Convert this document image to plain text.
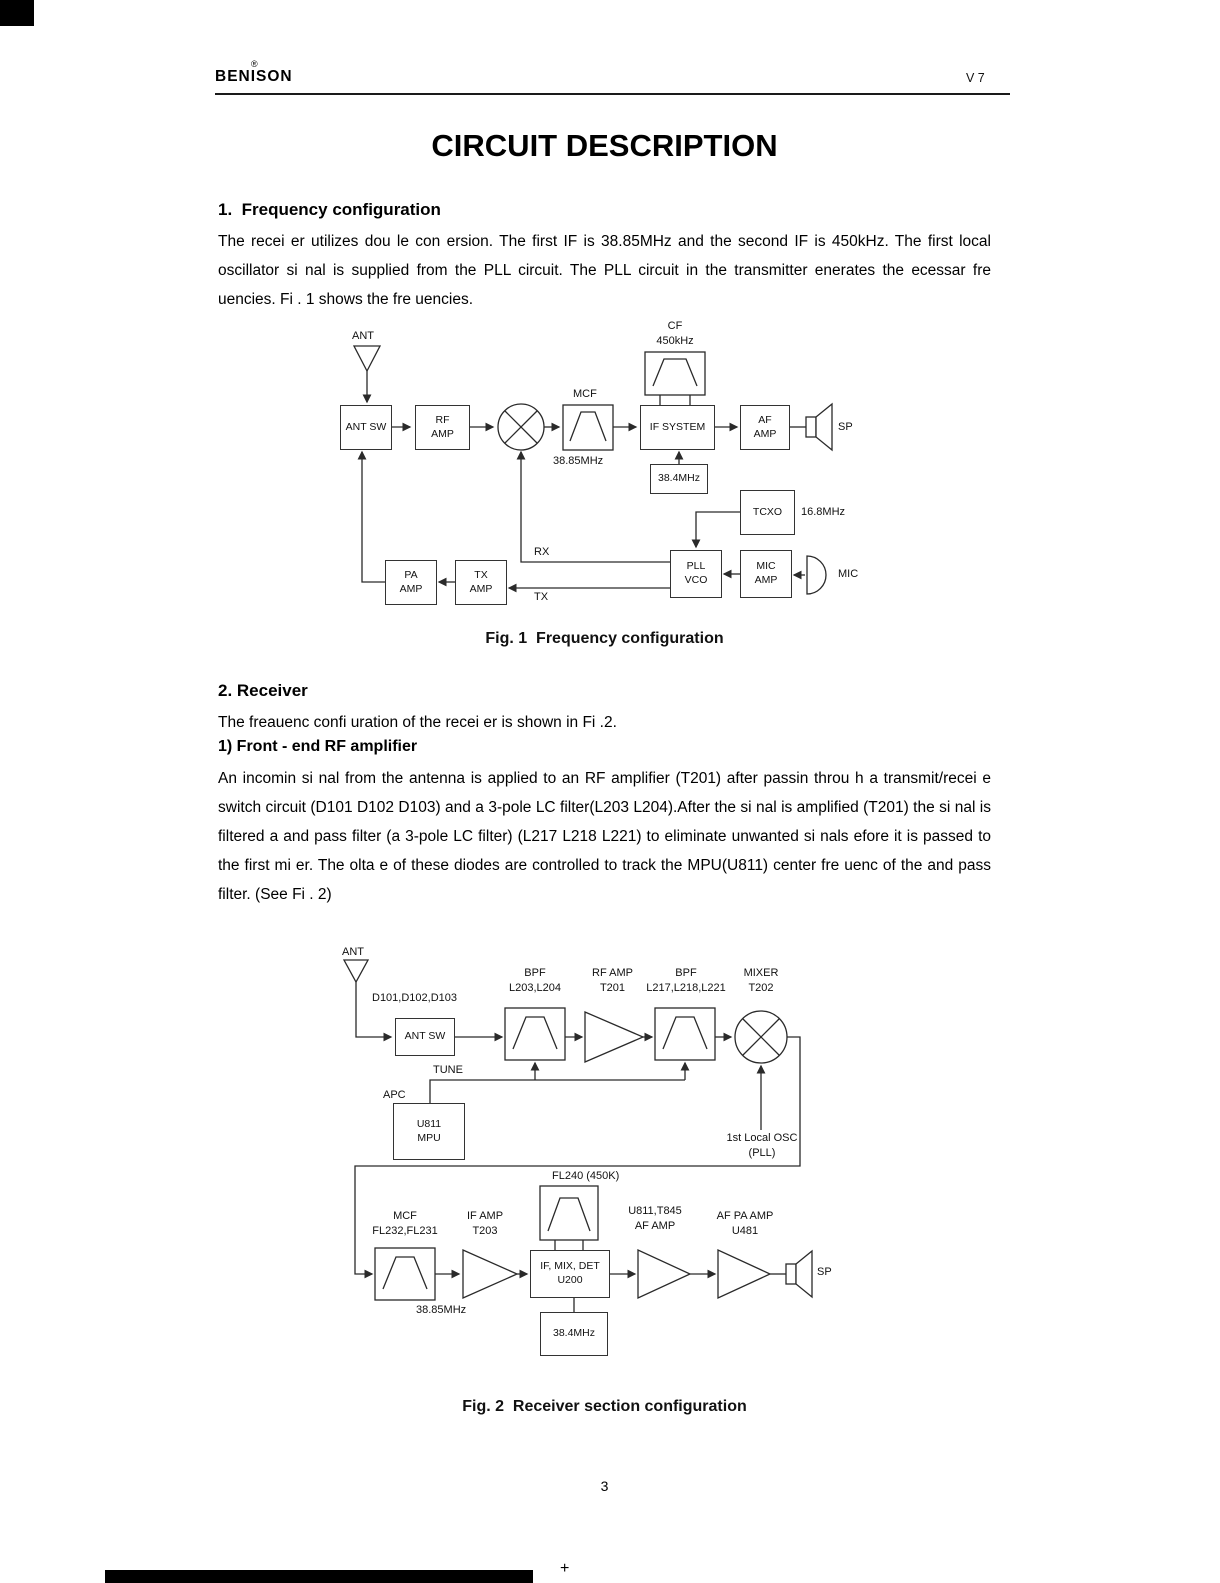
+
BENISON
®
V 7
CIRCUIT DESCRIPTION
1.  Frequency configuration
The recei er utilizes dou le con ersion. The first IF is 38.85MHz and the second IF is 450kHz. The first local oscillator si nal is supplied from the PLL circuit. The PLL circuit in the transmitter enerates the ecessar fre uencies. Fi . 1 shows the fre uencies.
ANT
ANT SW
RF
AMP
MCF
38.85MHz
CF
450kHz
IF SYSTEM
AF
AMP
SP
38.4MHz
TCXO 16.8MHz
PLL
VCO
MIC
AMP	MIC
PA
AMP
TX
AMP
RX
TX
Fig. 1  Frequency configuration
2. Receiver
The freauenc confi uration of the recei er is shown in Fi .2.
1) Front - end RF amplifier
An incomin si nal from the antenna is applied to an RF amplifier (T201) after passin throu h a transmit/recei e switch circuit (D101 D102 D103) and a 3-pole LC filter(L203 L204).After the si nal is amplified (T201) the si nal is filtered a and pass filter (a 3-pole LC filter) (L217 L218 L221) to eliminate unwanted si nals efore it is passed to the first mi er. The olta e of these diodes are controlled to track the MPU(U811) center fre uenc of the and pass filter. (See Fi . 2)
ANT
D101,D102,D103
ANT SW
BPF
L203,L204
RF AMP
T201
BPF
L217,L218,L221
MIXER
T202
TUNE
APC
U811
MPU	1st Local OSC
(PLL)
FL240 (450K)
MCF
FL232,FL231
IF AMP
T203
IF, MIX, DET
U200
U811,T845
AF AMP
AF PA AMP
U481
SP
38.85MHz
38.4MHz
Fig. 2  Receiver section configuration
3
